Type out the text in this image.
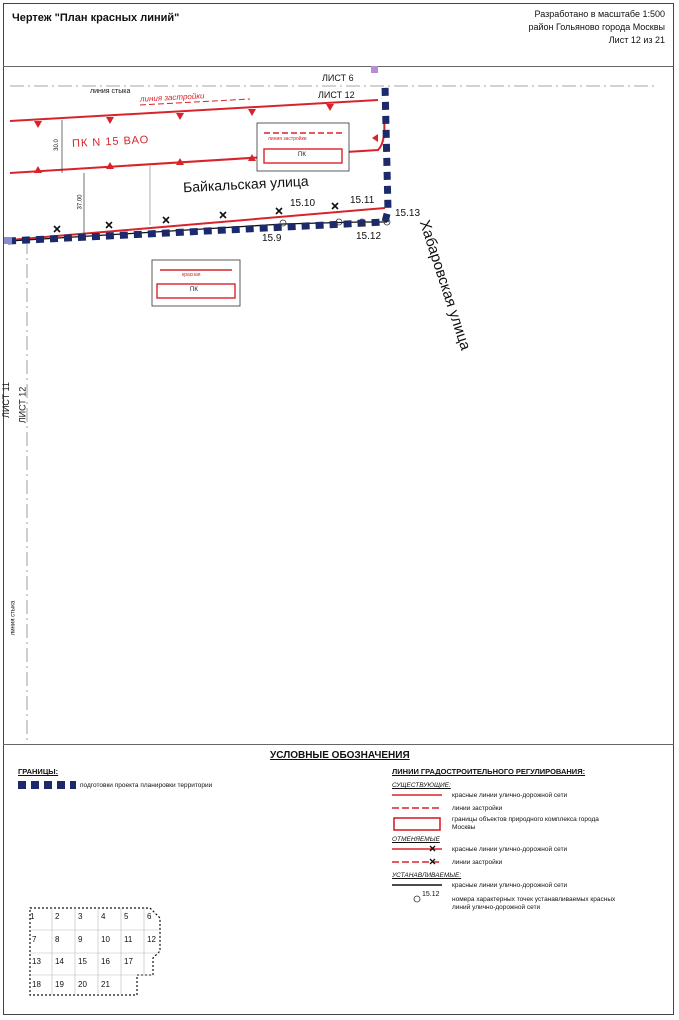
Чертеж "План красных линий"	Разработано в масштабе 1:500
район Гольяново города Москвы
Лист 12 из 21
ЛИСТ 6
ЛИСТ 12
линия стыка линия застройки
ПК N 15 ВАО
30.0
37.00
Байкальская улица
Хабаровская улица
15.9
15.10	15.11
15.12
15.13
линия застройки
ПК
красная
ПК
ЛИСТ 11 ЛИСТ 12
линия стыка
УСЛОВНЫЕ ОБОЗНАЧЕНИЯ
ГРАНИЦЫ:
подготовки проекта планировки территории
ЛИНИИ ГРАДОСТРОИТЕЛЬНОГО РЕГУЛИРОВАНИЯ:
СУЩЕСТВУЮЩИЕ:
красные линии улично-дорожной сети
линии застройки
границы объектов природного комплекса города Москвы
ОТМЕНЯЕМЫЕ
красные линии улично-дорожной сети
линии застройки
УСТАНАВЛИВАЕМЫЕ:
красные линии улично-дорожной сети
15.12
номера характерных точек устанавливаемых красных линий улично-дорожной сети
1	2 3 4 5 6
7 8 9 10 11 12
13 14 15 16 17
18 19 20 21
